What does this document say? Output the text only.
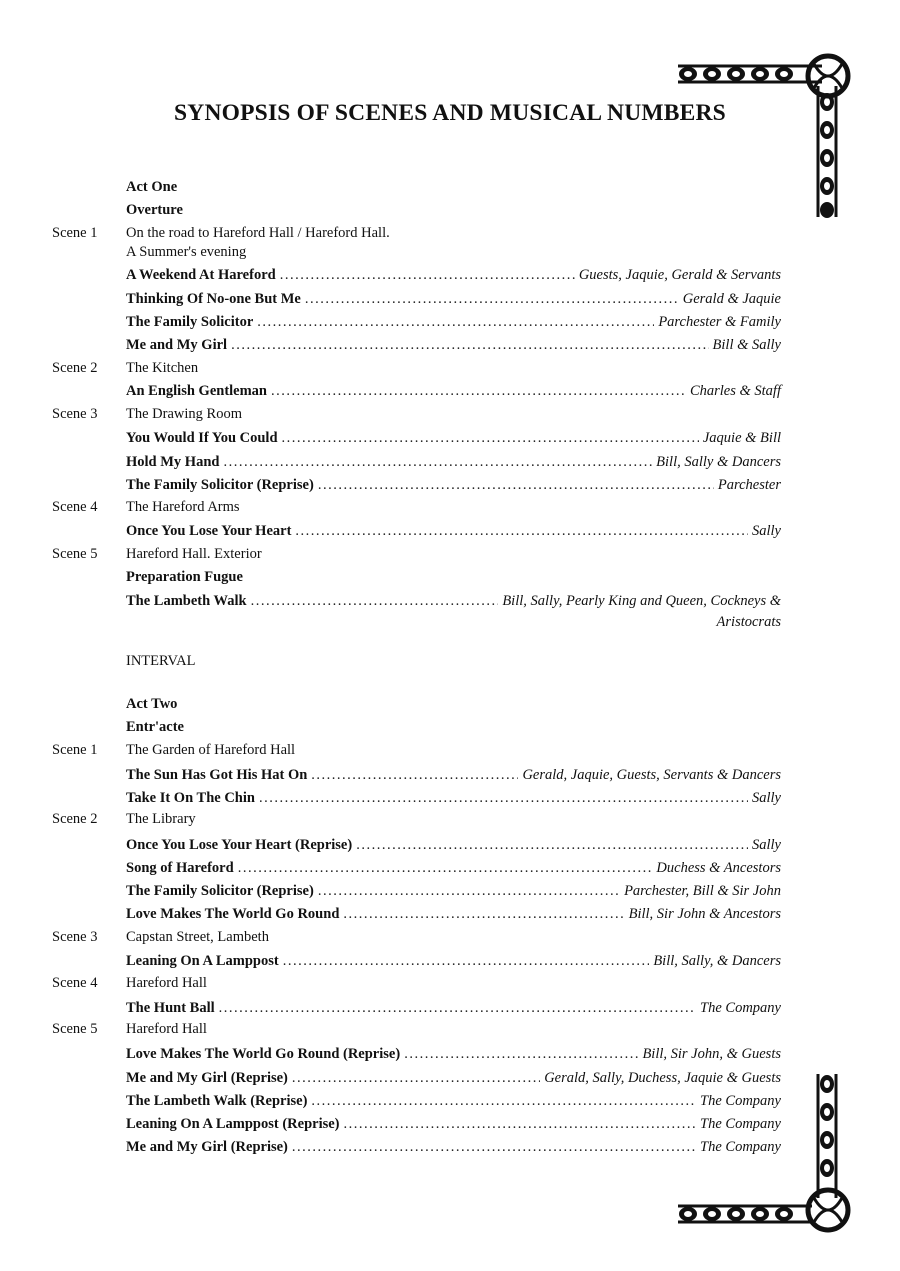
SYNOPSIS OF SCENES AND MUSICAL NUMBERS
Act One
Overture
Scene 1 On the road to Hareford Hall / Hareford Hall.
A Summer's evening
A Weekend At Hareford .....	Guests, Jaquie, Gerald & Servants
Thinking Of No-one But Me .....	Gerald & Jaquie
The Family Solicitor .....	Parchester & Family
Me and My Girl .....	Bill & Sally
Scene 2 The Kitchen
An English Gentleman .....	Charles & Staff
Scene 3 The Drawing Room
You Would If You Could .....	Jaquie & Bill
Hold My Hand .....	Bill, Sally & Dancers
The Family Solicitor (Reprise) .....	Parchester
Scene 4 The Hareford Arms
Once You Lose Your Heart .....	Sally
Scene 5 Hareford Hall. Exterior
Preparation Fugue
The Lambeth Walk .....	Bill, Sally, Pearly King and Queen, Cockneys &
Aristocrats
INTERVAL
Act Two
Entr'acte
Scene 1 The Garden of Hareford Hall
The Sun Has Got His Hat On .....	Gerald, Jaquie, Guests, Servants & Dancers
Take It On The Chin .....	Sally
Scene 2 The Library
Once You Lose Your Heart (Reprise) .....	Sally
Song of Hareford .....	Duchess & Ancestors
The Family Solicitor (Reprise) .....	Parchester, Bill & Sir John
Love Makes The World Go Round .....	Bill, Sir John & Ancestors
Scene 3 Capstan Street, Lambeth
Leaning On A Lamppost .....	Bill, Sally, & Dancers
Scene 4 Hareford Hall
The Hunt Ball .....	The Company
Scene 5 Hareford Hall
Love Makes The World Go Round (Reprise) .....	Bill, Sir John, & Guests
Me and My Girl (Reprise) .....	Gerald, Sally, Duchess, Jaquie & Guests
The Lambeth Walk (Reprise) .....	The Company
Leaning On A Lamppost (Reprise) .....	The Company
Me and My Girl (Reprise) .....	The Company
